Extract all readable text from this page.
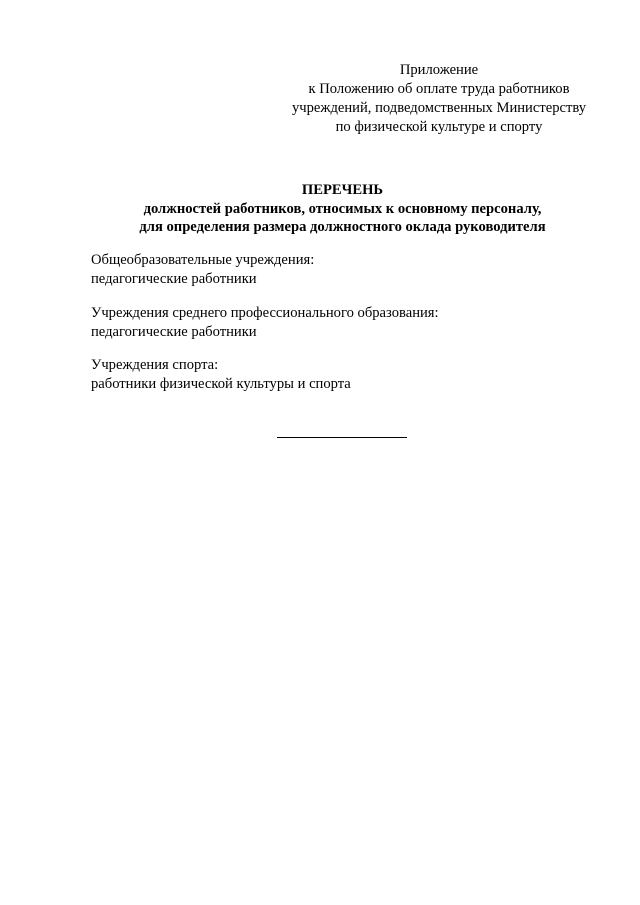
Приложение
к Положению об оплате труда работников
учреждений, подведомственных Министерству
по физической культуре и спорту
ПЕРЕЧЕНЬ
должностей работников, относимых к основному персоналу,
для определения размера должностного оклада руководителя
Общеобразовательные учреждения:
педагогические работники
Учреждения среднего профессионального образования:
педагогические работники
Учреждения спорта:
работники физической культуры и спорта
